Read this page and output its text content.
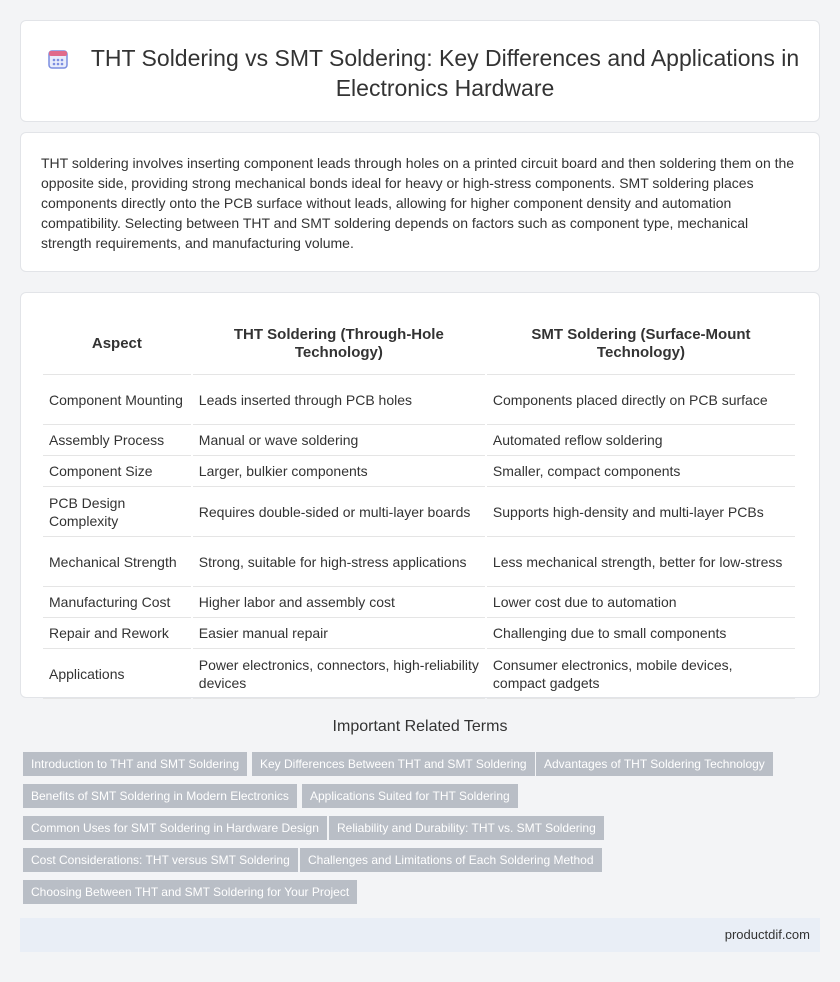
THT Soldering vs SMT Soldering: Key Differences and Applications in Electronics Hardware

THT soldering involves inserting component leads through holes on a printed circuit board and then soldering them on the opposite side, providing strong mechanical bonds ideal for heavy or high-stress components. SMT soldering places components directly onto the PCB surface without leads, allowing for higher component density and automation compatibility. Selecting between THT and SMT soldering depends on factors such as component type, mechanical strength requirements, and manufacturing volume.

Aspect	THT Soldering (Through-Hole Technology)	SMT Soldering (Surface-Mount Technology)
Component Mounting	Leads inserted through PCB holes	Components placed directly on PCB surface
Assembly Process	Manual or wave soldering	Automated reflow soldering
Component Size	Larger, bulkier components	Smaller, compact components
PCB Design Complexity	Requires double-sided or multi-layer boards	Supports high-density and multi-layer PCBs
Mechanical Strength	Strong, suitable for high-stress applications	Less mechanical strength, better for low-stress
Manufacturing Cost	Higher labor and assembly cost	Lower cost due to automation
Repair and Rework	Easier manual repair	Challenging due to small components
Applications	Power electronics, connectors, high-reliability devices	Consumer electronics, mobile devices, compact gadgets
Important Related Terms
Introduction to THT and SMT Soldering	Key Differences Between THT and SMT Soldering	Advantages of THT Soldering Technology
Benefits of SMT Soldering in Modern Electronics	Applications Suited for THT Soldering
Common Uses for SMT Soldering in Hardware Design	Reliability and Durability: THT vs. SMT Soldering
Cost Considerations: THT versus SMT Soldering	Challenges and Limitations of Each Soldering Method
Choosing Between THT and SMT Soldering for Your Project
productdif.com
